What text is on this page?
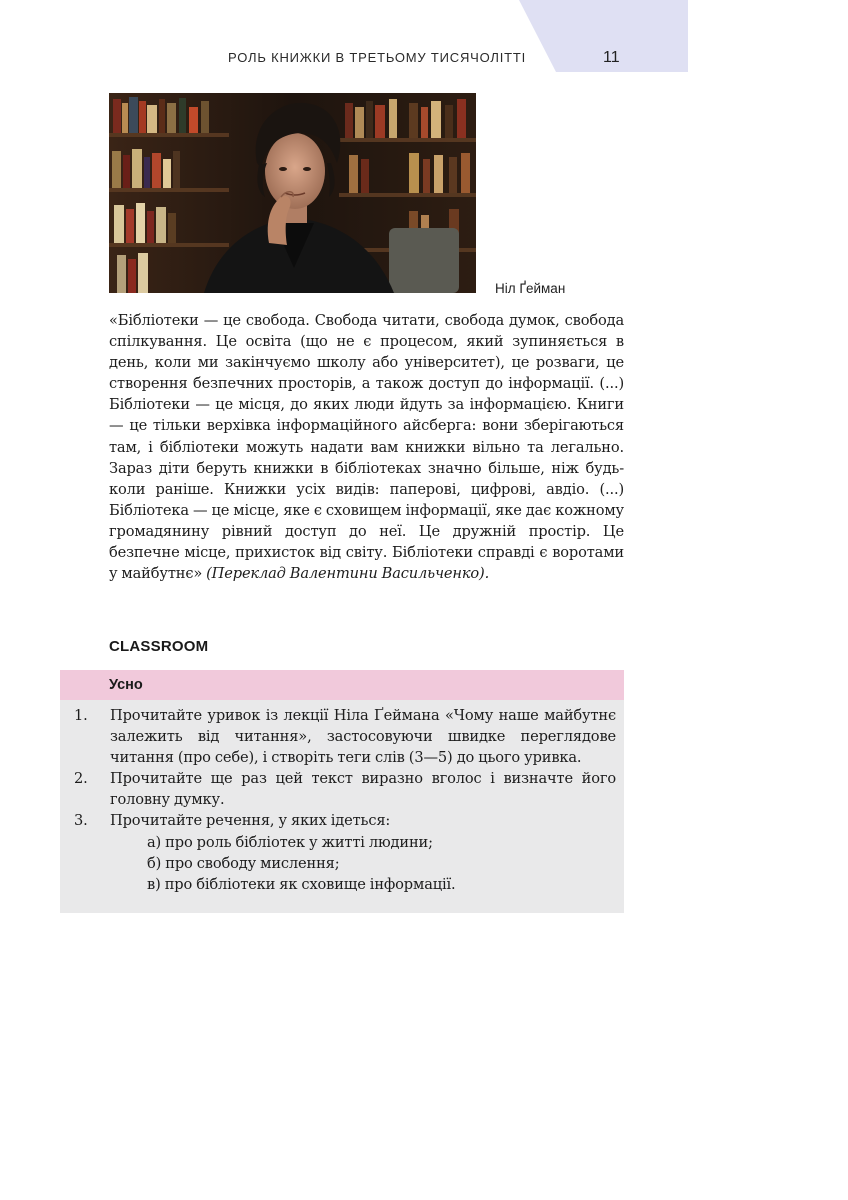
РОЛЬ КНИЖКИ В ТРЕТЬОМУ ТИСЯЧОЛІТТІ	11
Ніл Ґейман
«Бібліотеки — це свобода. Свобода читати, свобода думок, свобода спілкування. Це освіта (що не є процесом, який зупиняється в день, коли ми закінчуємо школу або університет), це розваги, це створення безпечних просторів, а також доступ до інформації. (...) Бібліотеки — це місця, до яких люди йдуть за інформацією. Книги — це тільки верхівка інформаційного айсберга: вони зберігаються там, і бібліотеки можуть надати вам книжки вільно та легально. Зараз діти беруть книжки в бібліотеках значно більше, ніж будь-коли раніше. Книжки усіх видів: паперові, цифрові, авдіо. (...) Бібліотека — це місце, яке є сховищем інформації, яке дає кожному громадянину рівний доступ до неї. Це дружній простір. Це безпечне місце, прихисток від світу. Бібліотеки справді є воротами у майбутнє» (Переклад Валентини Васильченко).
CLASSROOM
Усно
1. Прочитайте уривок із лекції Ніла Ґеймана «Чому наше майбутнє залежить від читання», застосовуючи швидке переглядове читання (про себе), і створіть теги слів (3—5) до цього уривка.
2. Прочитайте ще раз цей текст виразно вголос і визначте його головну думку.
3. Прочитайте речення, у яких ідеться:
а) про роль бібліотек у житті людини;
б) про свободу мислення;
в) про бібліотеки як сховище інформації.
